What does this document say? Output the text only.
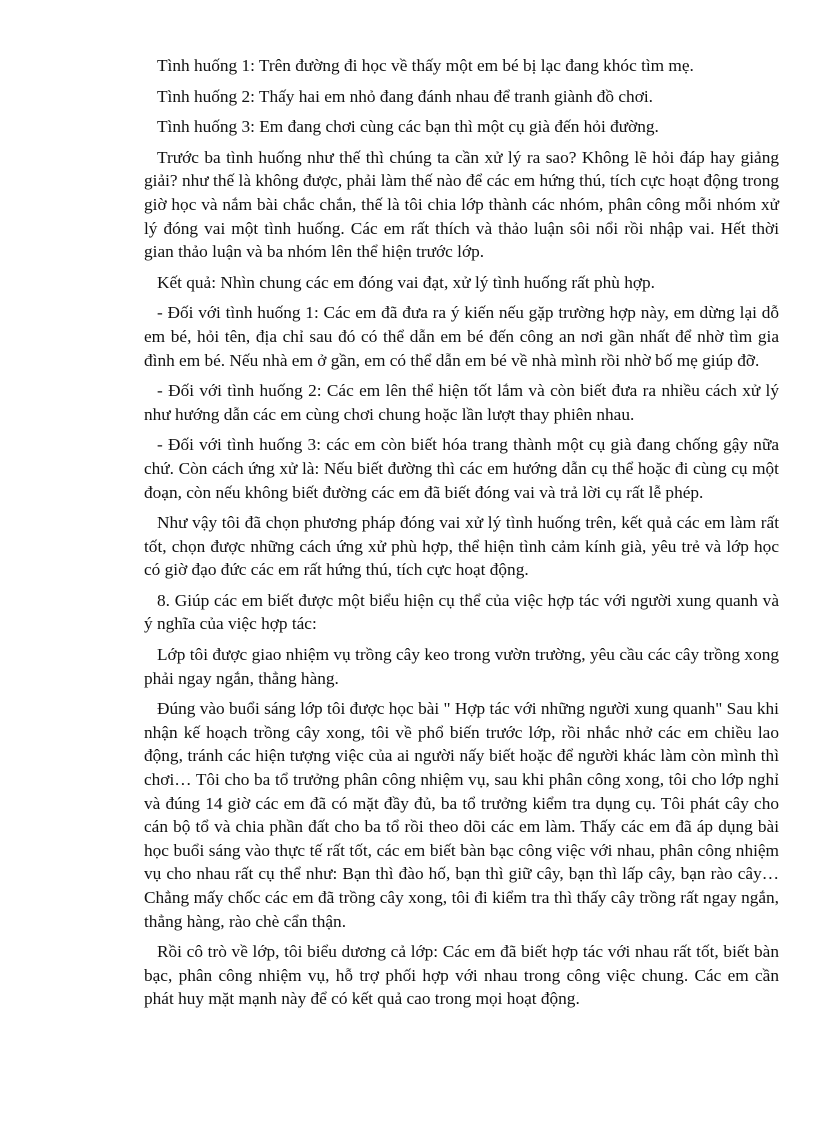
Tình huống 1: Trên đường đi học về thấy một em bé bị lạc đang khóc tìm mẹ.

Tình huống 2: Thấy hai em nhỏ đang đánh nhau để tranh giành đồ chơi.

Tình huống 3: Em đang chơi cùng các bạn thì một cụ già đến hỏi đường.

Trước ba tình huống như thế thì chúng ta cần xử lý ra sao? Không lẽ hỏi đáp hay giảng giải? như thế là không được, phải làm thế nào để các em hứng thú, tích cực hoạt động trong giờ học và nắm bài chắc chắn, thế là tôi chia lớp thành các nhóm, phân công mỗi nhóm xử lý đóng vai một tình huống. Các em rất thích và thảo luận sôi nổi rồi nhập vai. Hết thời gian thảo luận và ba nhóm lên thể hiện trước lớp.

Kết quả: Nhìn chung các em đóng vai đạt, xử lý tình huống rất phù hợp.

- Đối với tình huống 1: Các em đã đưa ra ý kiến nếu gặp trường hợp này, em dừng lại dỗ em bé, hỏi tên, địa chỉ sau đó có thể dẫn em bé đến công an nơi gần nhất để nhờ tìm gia đình em bé. Nếu nhà em ở gần, em có thể dẫn em bé về nhà mình rồi nhờ bố mẹ giúp đỡ.

- Đối với tình huống 2: Các em lên thể hiện tốt lắm và còn biết đưa ra nhiều cách xử lý như hướng dẫn các em cùng chơi chung hoặc lần lượt thay phiên nhau.

- Đối với tình huống 3: các em còn biết hóa trang thành một cụ già đang chống gậy nữa chứ. Còn cách ứng xử là: Nếu biết đường thì các em hướng dẫn cụ thể hoặc đi cùng cụ một đoạn, còn nếu không biết đường các em đã biết đóng vai và trả lời cụ rất lễ phép.

Như vậy tôi đã chọn phương pháp đóng vai xử lý tình huống trên, kết quả các em làm rất tốt, chọn được những cách ứng xử phù hợp, thể hiện tình cảm kính già, yêu trẻ và lớp học có giờ đạo đức các em rất hứng thú, tích cực hoạt động.

8. Giúp các em biết được một biểu hiện cụ thể của việc hợp tác với người xung quanh và ý nghĩa của việc hợp tác:

Lớp tôi được giao nhiệm vụ trồng cây keo trong vườn trường, yêu cầu các cây trồng xong phải ngay ngắn, thẳng hàng.

Đúng vào buổi sáng lớp tôi được học bài " Hợp tác với những người xung quanh" Sau khi nhận kế hoạch trồng cây xong, tôi về phổ biến trước lớp, rồi nhắc nhở các em chiều lao động, tránh các hiện tượng việc của ai người nấy biết hoặc để người khác làm còn mình thì chơi… Tôi cho ba tổ trưởng phân công nhiệm vụ, sau khi phân công xong, tôi cho lớp nghỉ và đúng 14 giờ các em đã có mặt đầy đủ, ba tổ trưởng kiểm tra dụng cụ. Tôi phát cây cho cán bộ tổ và chia phần đất cho ba tổ rồi theo dõi các em làm. Thấy các em đã áp dụng bài học buổi sáng vào thực tế rất tốt, các em biết bàn bạc công việc với nhau, phân công nhiệm vụ cho nhau rất cụ thể như: Bạn thì đào hố, bạn thì giữ cây, bạn thì lấp cây, bạn rào cây… Chẳng mấy chốc các em đã trồng cây xong, tôi đi kiểm tra thì thấy cây trồng rất ngay ngắn, thẳng hàng, rào chè cẩn thận.

Rồi cô trò về lớp, tôi biểu dương cả lớp: Các em đã biết hợp tác với nhau rất tốt, biết bàn bạc, phân công nhiệm vụ, hỗ trợ phối hợp với nhau trong công việc chung. Các em cần phát huy mặt mạnh này để có kết quả cao trong mọi hoạt động.
